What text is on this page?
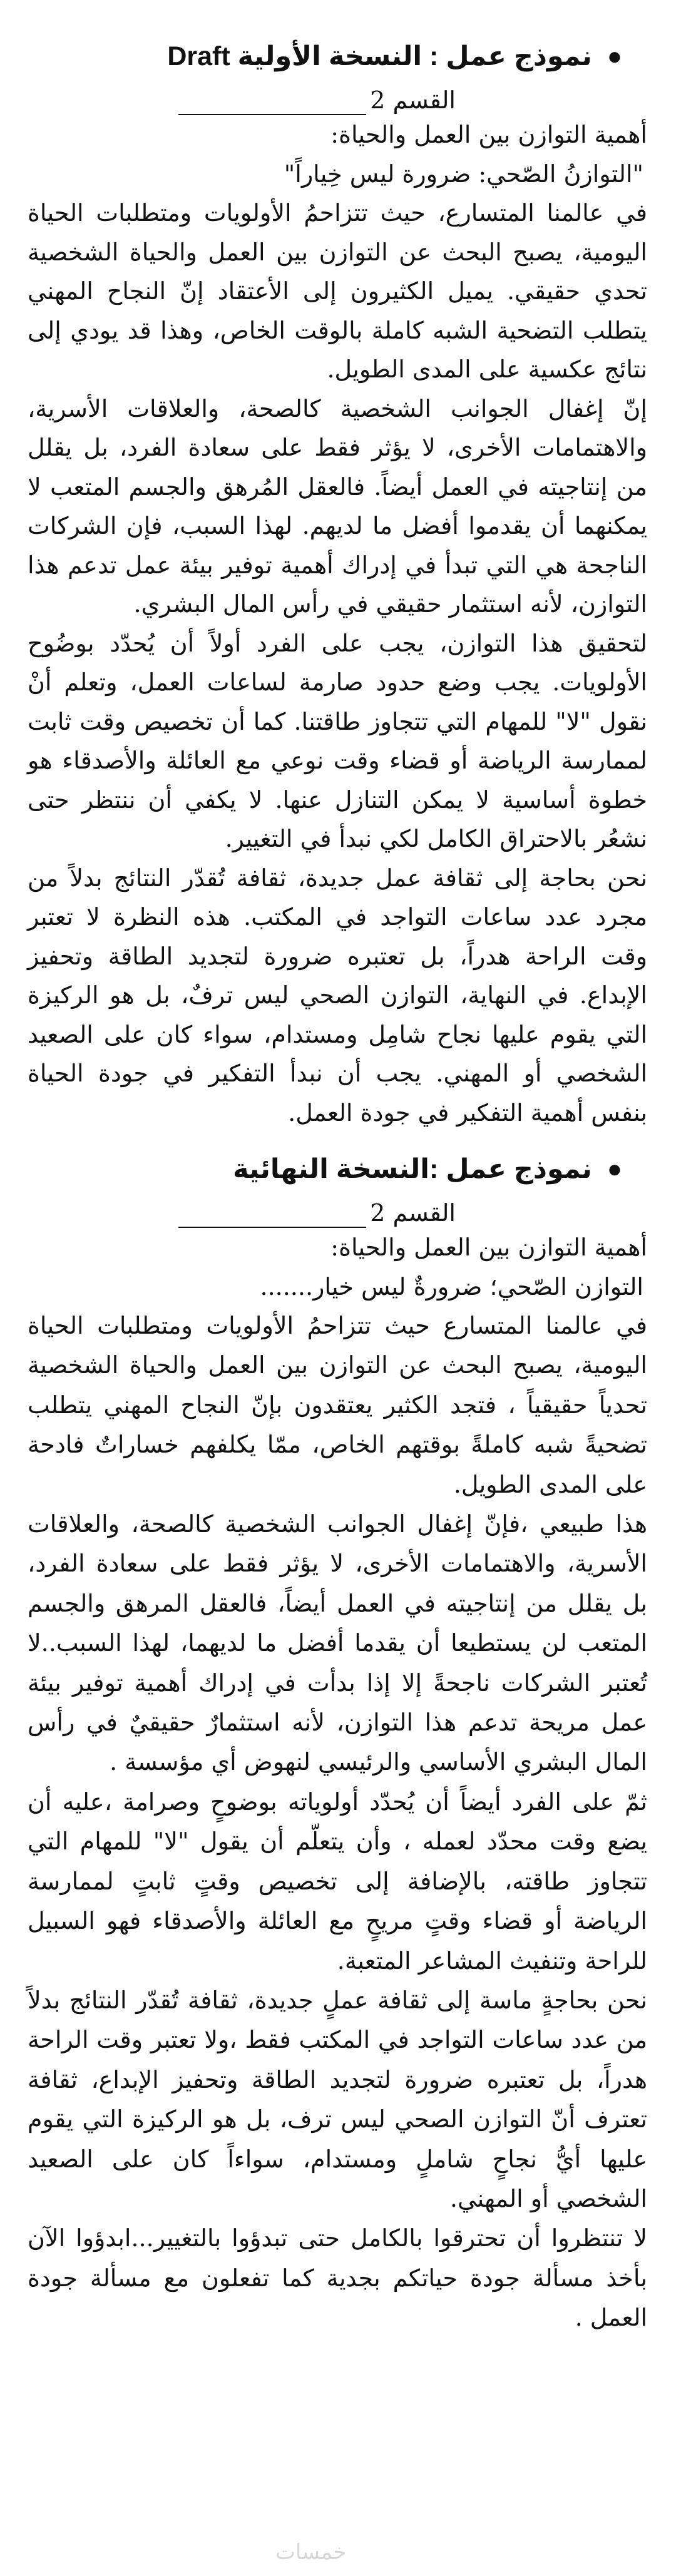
●
نموذج عمل : النسخة الأولية Draft
القسم 2
أهمية التوازن بين العمل والحياة:
"التوازنُ الصّحي: ضرورة ليس خِياراً"

في عالمنا المتسارع، حيث تتزاحمُ الأولويات ومتطلبات الحياة اليومية، يصبح البحث عن التوازن بين العمل والحياة الشخصية تحدي حقيقي. يميل الكثيرون إلى الأعتقاد إنّ النجاح المهني يتطلب التضحية الشبه كاملة بالوقت الخاص، وهذا قد يودي إلى نتائج عكسية على المدى الطويل.

إنّ إغفال الجوانب الشخصية كالصحة، والعلاقات الأسرية، والاهتمامات الأخرى، لا يؤثر فقط على سعادة الفرد، بل يقلل من إنتاجيته في العمل أيضاً. فالعقل المُرهق والجسم المتعب لا يمكنهما أن يقدموا أفضل ما لديهم. لهذا السبب، فإن الشركات الناجحة هي التي تبدأ في إدراك أهمية توفير بيئة عمل تدعم هذا التوازن، لأنه استثمار حقيقي في رأس المال البشري.

لتحقيق هذا التوازن، يجب على الفرد أولاً أن يُحدّد بوضُوح الأولويات. يجب وضع حدود صارمة لساعات العمل، وتعلم أنْ نقول "لا" للمهام التي تتجاوز طاقتنا. كما أن تخصيص وقت ثابت لممارسة الرياضة أو قضاء وقت نوعي مع العائلة والأصدقاء هو خطوة أساسية لا يمكن التنازل عنها. لا يكفي أن ننتظر حتى نشعُر بالاحتراق الكامل لكي نبدأ في التغيير.

نحن بحاجة إلى ثقافة عمل جديدة، ثقافة تُقدّر النتائج بدلاً من مجرد عدد ساعات التواجد في المكتب. هذه النظرة لا تعتبر وقت الراحة هدراً، بل تعتبره ضرورة لتجديد الطاقة وتحفيز الإبداع. في النهاية، التوازن الصحي ليس ترفٌ، بل هو الركيزة التي يقوم عليها نجاح شامِل ومستدام، سواء كان على الصعيد الشخصي أو المهني. يجب أن نبدأ التفكير في جودة الحياة بنفس أهمية التفكير في جودة العمل.

●
نموذج عمل :النسخة النهائية
القسم 2
أهمية التوازن بين العمل والحياة:
التوازن الصّحي؛ ضرورةٌ ليس خيار.......

في عالمنا المتسارع حيث تتزاحمُ الأولويات ومتطلبات الحياة اليومية، يصبح البحث عن التوازن بين العمل والحياة الشخصية تحدياً حقيقياً ، فتجد الكثير يعتقدون بإنّ النجاح المهني يتطلب تضحيةً شبه كاملةً بوقتهم الخاص، ممّا يكلفهم خساراتٌ فادحة على المدى الطويل.

هذا طبيعي ،فإنّ إغفال الجوانب الشخصية كالصحة، والعلاقات الأسرية، والاهتمامات الأخرى، لا يؤثر فقط على سعادة الفرد، بل يقلل من إنتاجيته في العمل أيضاً، فالعقل المرهق والجسم المتعب لن يستطيعا أن يقدما أفضل ما لديهما، لهذا السبب..لا تُعتبر الشركات ناجحةً إلا إذا بدأت في إدراك أهمية توفير بيئة عمل مريحة تدعم هذا التوازن، لأنه استثمارٌ حقيقيٌ في رأس المال البشري الأساسي والرئيسي لنهوض أي مؤسسة .

ثمّ على الفرد أيضاً أن يُحدّد أولوياته بوضوحٍ وصرامة ،عليه أن يضع وقت محدّد لعمله ، وأن يتعلّم أن يقول "لا" للمهام التي تتجاوز طاقته، بالإضافة إلى تخصيص وقتٍ ثابتٍ لممارسة الرياضة أو قضاء وقتٍ مريحٍ مع العائلة والأصدقاء فهو السبيل للراحة وتنفيث المشاعر المتعبة.

نحن بحاجةٍ ماسة إلى ثقافة عملٍ جديدة، ثقافة تُقدّر النتائج بدلاً من عدد ساعات التواجد في المكتب فقط ،ولا تعتبر وقت الراحة هدراً، بل تعتبره ضرورة لتجديد الطاقة وتحفيز الإبداع، ثقافة تعترف أنّ التوازن الصحي ليس ترف، بل هو الركيزة التي يقوم عليها أيُّ نجاحٍ شاملٍ ومستدام، سواءاً كان على الصعيد الشخصي أو المهني.

لا تنتظروا أن تحترقوا بالكامل حتى تبدؤوا بالتغيير...ابدؤوا الآن بأخذ مسألة جودة حياتكم بجدية كما تفعلون مع مسألة جودة العمل .

خمسات
